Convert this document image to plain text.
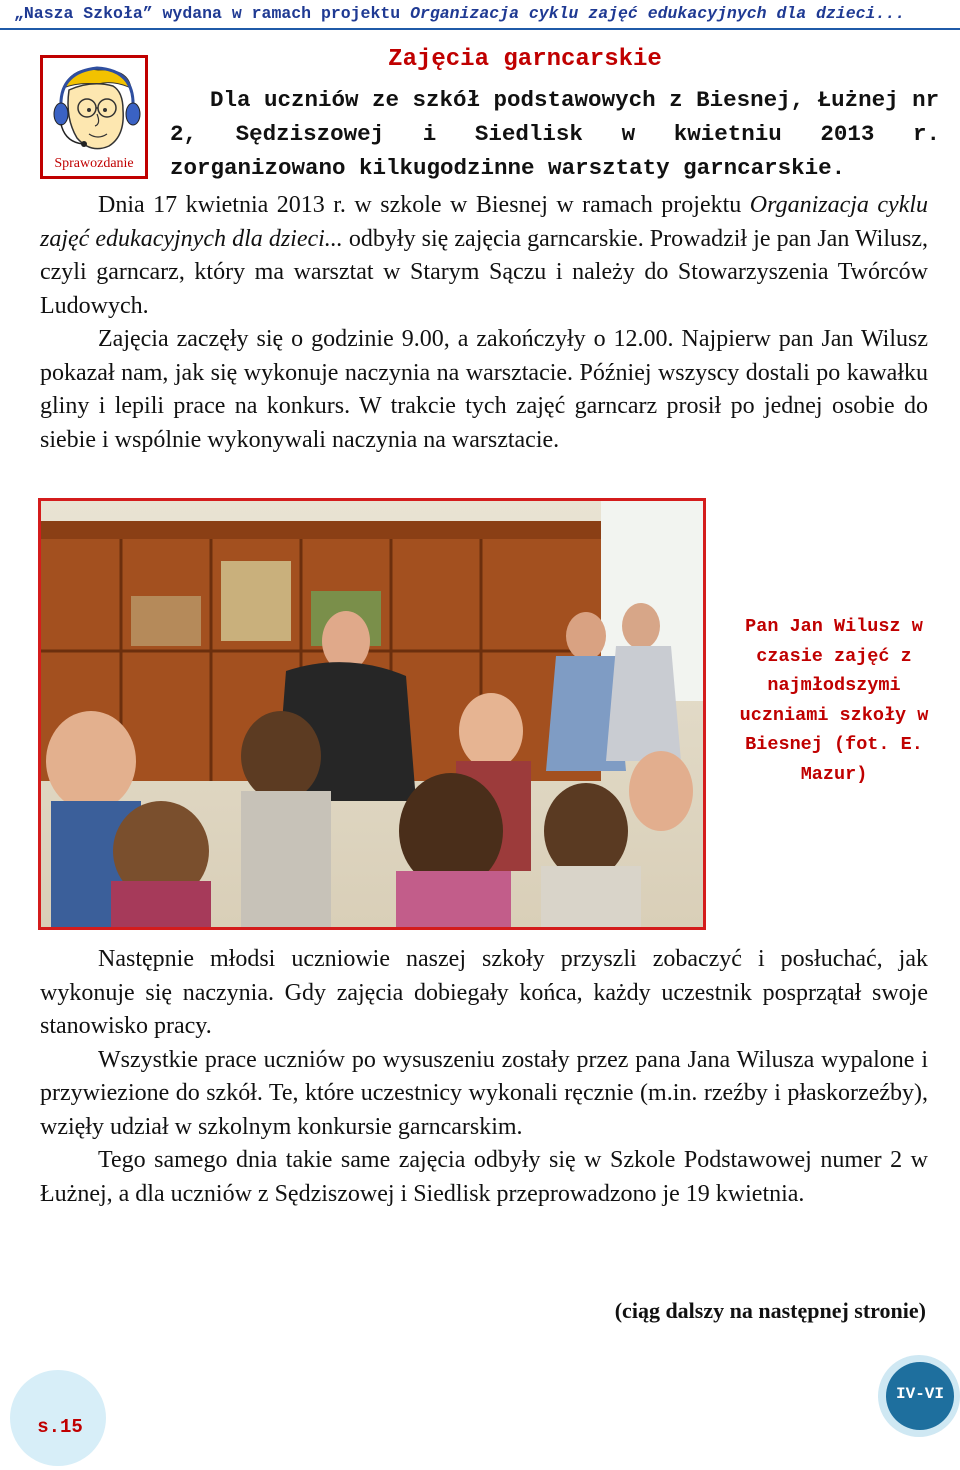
„Nasza Szkoła” wydana w ramach projektu Organizacja cyklu zajęć edukacyjnych dla dzieci...
Sprawozdanie
Zajęcia garncarskie
Dla uczniów ze szkół podstawowych z Biesnej, Łużnej nr
2, Sędziszowej i Siedlisk w kwietniu 2013 r. zorganizowano kilkugodzinne warsztaty garncarskie.

Dnia 17 kwietnia 2013 r. w szkole w Biesnej w ramach projektu Organizacja cyklu zajęć edukacyjnych dla dzieci... odbyły się zajęcia garncarskie. Prowadził je pan Jan Wilusz, czyli garncarz, który ma warsztat w Starym Sączu i należy do Stowarzyszenia Twórców Ludowych.

Zajęcia zaczęły się o godzinie 9.00, a zakończyły o 12.00. Najpierw pan Jan Wilusz pokazał nam, jak się wykonuje naczynia na warsztacie. Później wszyscy dostali po kawałku gliny i lepili prace na konkurs. W trakcie tych zajęć garncarz prosił po jednej osobie do siebie i wspólnie wykonywali naczynia na warsztacie.

Pan Jan Wilusz w czasie zajęć z najmłodszymi uczniami szkoły w Biesnej (fot. E. Mazur)

Następnie młodsi uczniowie naszej szkoły przyszli zobaczyć i posłuchać, jak wykonuje się naczynia. Gdy zajęcia dobiegały końca, każdy uczestnik posprzątał swoje stanowisko pracy.

Wszystkie prace uczniów po wysuszeniu zostały przez pana Jana Wilusza wypalone i przywiezione do szkół. Te, które uczestnicy wykonali ręcznie (m.in. rzeźby i płaskorzeźby), wzięły udział w szkolnym konkursie garncarskim.

Tego samego dnia takie same zajęcia odbyły się w Szkole Podstawowej numer 2 w Łużnej, a dla uczniów z Sędziszowej i Siedlisk przeprowadzono je 19 kwietnia.

(ciąg dalszy na następnej stronie)
s.15
IV-VI
